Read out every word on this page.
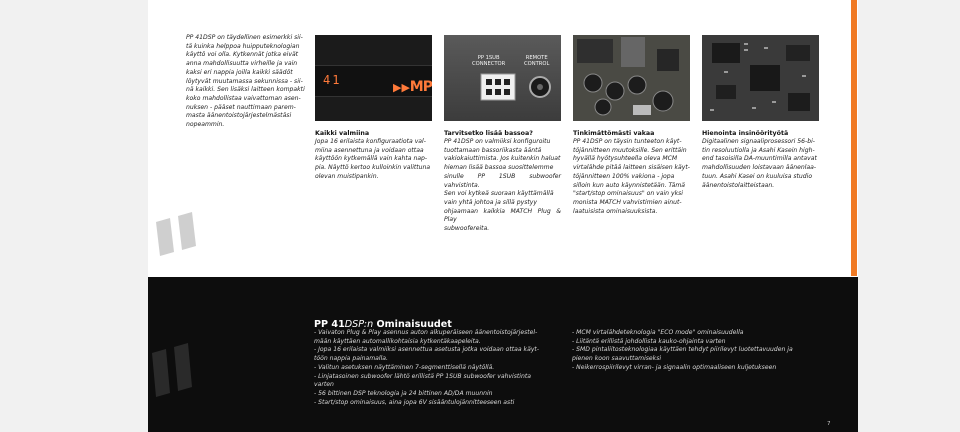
PP 41DSP on täydellinen esimerkki sii-
tä kuinka helppoa huipputeknologian
käyttö voi olla. Kytkennät jotka eivät
anna mahdollisuutta virheille ja vain
kaksi eri nappia joilla kaikki säädöt
löytyvät muutamassa sekunnissa - sii-
nä kaikki. Sen lisäksi laitteen kompakti
koko mahdollistaa vaivattoman asen-
nuksen - pääset nauttimaan parem-
masta äänentoistojärjestelmästäsi
nopeammin.

41
▶▶ MP
Kaikki valmiina
Jopa 16 erilaista konfiguraatiota val-
miina asennettuna ja voidaan ottaa
käyttöön kytkemällä vain kahta nap-
pia. Näyttö kertoo kulloinkin valittuna
olevan muistipankin.
PP 1SUB
CONNECTOR
REMOTE
CONTROL
Tarvitsetko lisää bassoa?
PP 41DSP on valmiiksi konfiguroitu
tuottamaan bassoriikasta ääntä
vakiokaiuttimista. Jos kuitenkin haluat
hieman lisää bassoa suosittelemme
sinulle PP 1SUB subwoofer vahvistinta.
Sen voi kytkeä suoraan käyttämällä
vain yhtä johtoa ja sillä pystyy
ohjaamaan kaikkia MATCH Plug & Play
subwoofereita.
Tinkimättömästi vakaa
PP 41DSP on täysin tunteeton käyt-
töjännitteen muutoksille. Sen erittäin
hyvällä hyötysuhteella oleva MCM
virtalähde pitää laitteen sisäisen käyt-
töjännitteen 100% vakiona - jopa
silloin kun auto käynnistetään. Tämä
"start/stop ominaisuus" on vain yksi
monista MATCH vahvistimien ainut-
laatuisista ominaisuuksista.
Hienointa insinöörityötä
Digitaalinen signaaliprosessori 56-bi-
tin resoluutiolla ja Asahi Kasein high-
end tasoisilla DA-muuntimilla antavat
mahdollisuuden loistavaan äänenlaa-
tuun. Asahi Kasei on kuuluisa studio
äänentoistolaitteistaan.
PP 41DSP:n Ominaisuudet
- Vaivaton Plug & Play asennus auton alkuperäiseen äänentoistojärjestel-
mään käyttäen automallikohtaisia kytkentäkaapeleita.
- Jopa 16 erilaista valmiiksi asennettua asetusta jotka voidaan ottaa käyt-
töön nappia painamalla.
- Valitun asetuksen näyttäminen 7-segmenttisellä näytöllä.
- Linjatasoinen subwoofer lähtö erillistä PP 1SUB subwoofer vahvistinta
varten
- 56 bittinen DSP teknologia ja 24 bittinen AD/DA muunnin
- Start/stop ominaisuus, aina jopa 6V sisääntulojännitteeseen asti
- MCM virtalähdeteknologia "ECO mode" ominaisuudella
- Liitäntä erillistä johdollista kauko-ohjainta varten
- SMD pintaliitosteknologiaa käyttäen tehdyt piirilevyt luotettavuuden ja
pienen koon saavuttamiseksi
- Neikerrospiirilevyt virran- ja signaalin optimaaliseen kuljetukseen
7
